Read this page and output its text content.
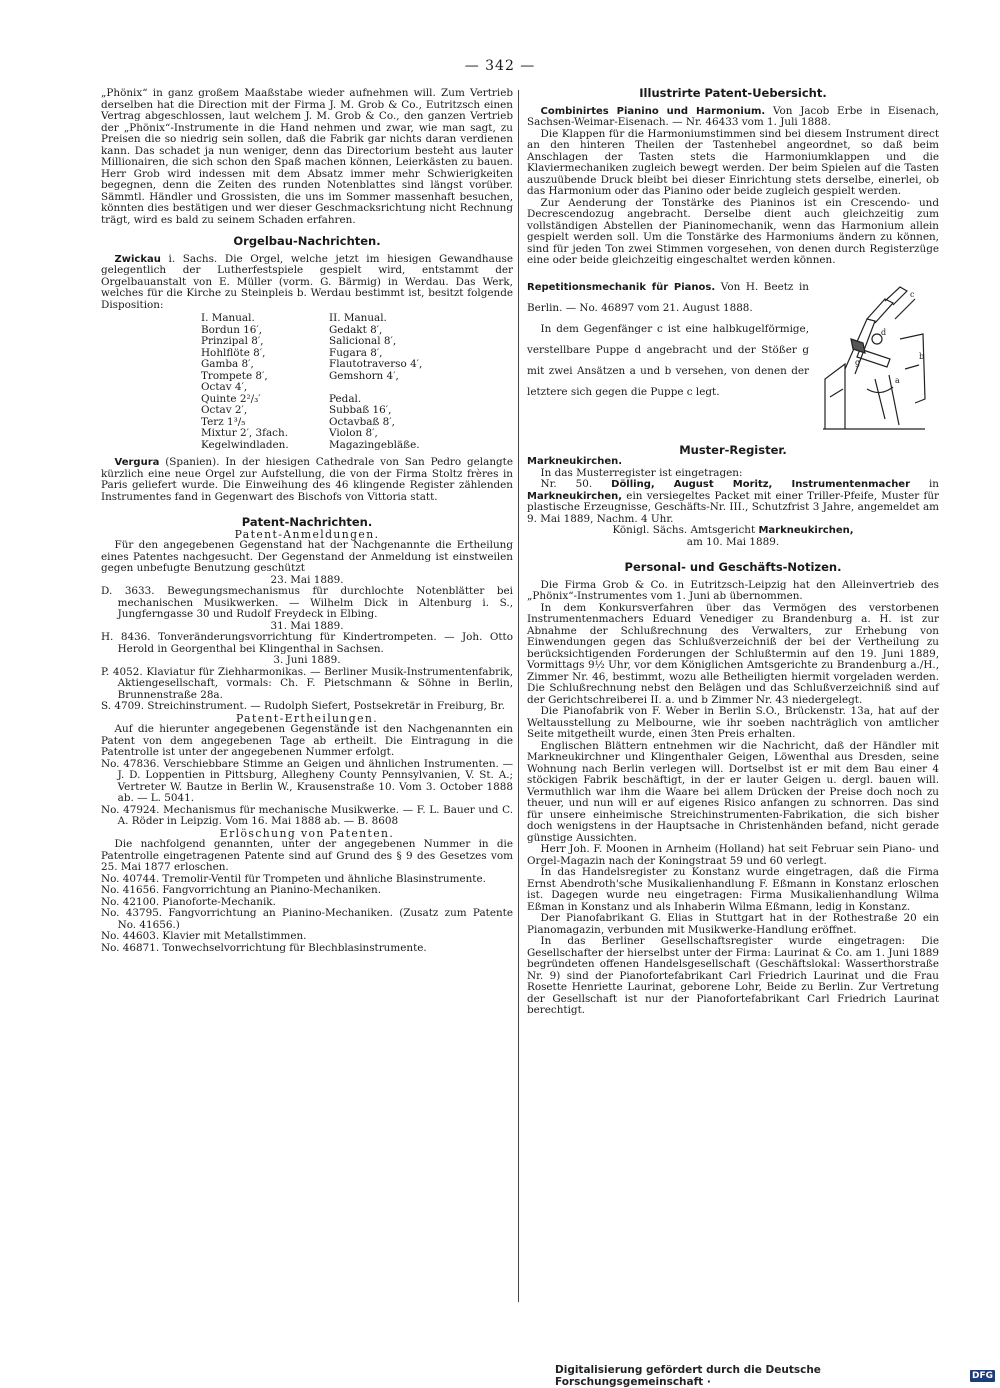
— 342 —

„Phönix“ in ganz großem Maaßstabe wieder aufnehmen will. Zum Vertrieb derselben hat die Direction mit der Firma J. M. Grob & Co., Eutritzsch einen Vertrag abgeschlossen, laut welchem J. M. Grob & Co., den ganzen Vertrieb der „Phönix“-Instrumente in die Hand nehmen und zwar, wie man sagt, zu Preisen die so niedrig sein sollen, daß die Fabrik gar nichts daran verdienen kann. Das schadet ja nun weniger, denn das Directorium besteht aus lauter Millionairen, die sich schon den Spaß machen können, Leierkästen zu bauen. Herr Grob wird indessen mit dem Absatz immer mehr Schwierigkeiten begegnen, denn die Zeiten des runden Notenblattes sind längst vorüber. Sämmtl. Händler und Grossisten, die uns im Sommer massenhaft besuchen, könnten dies bestätigen und wer dieser Geschmacksrichtung nicht Rechnung trägt, wird es bald zu seinem Schaden erfahren.

Orgelbau-Nachrichten.

Zwickau i. Sachs. Die Orgel, welche jetzt im hiesigen Gewandhause gelegentlich der Lutherfestspiele gespielt wird, entstammt der Orgelbauanstalt von E. Müller (vorm. G. Bärmig) in Werdau. Das Werk, welches für die Kirche zu Steinpleis b. Werdau bestimmt ist, besitzt folgende Disposition:

I. Manual.	II. Manual.
Bordun 16′,	Gedakt 8′,
Prinzipal 8′,	Salicional 8′,
Hohlflöte 8′,	Fugara 8′,
Gamba 8′,	Flautotraverso 4′,
Trompete 8′,	Gemshorn 4′,
Octav 4′,
Quinte 2²/₃′	Pedal.
Octav 2′,	Subbaß 16′,
Terz 1³/₅	Octavbaß 8′,
Mixtur 2′, 3fach.	Violon 8′,
Kegelwindladen.	Magazingebläße.

Vergura (Spanien). In der hiesigen Cathedrale von San Pedro gelangte kürzlich eine neue Orgel zur Aufstellung, die von der Firma Stoltz frères in Paris geliefert wurde. Die Einweihung des 46 klingende Register zählenden Instrumentes fand in Gegenwart des Bischofs von Vittoria statt.

Patent-Nachrichten.
Patent-Anmeldungen.

Für den angegebenen Gegenstand hat der Nachgenannte die Ertheilung eines Patentes nachgesucht. Der Gegenstand der Anmeldung ist einstweilen gegen unbefugte Benutzung geschützt

23. Mai 1889.
D. 3633. Bewegungsmechanismus für durchlochte Notenblätter bei mechanischen Musikwerken. — Wilhelm Dick in Altenburg i. S., Jungferngasse 30 und Rudolf Freydeck in Elbing.
31. Mai 1889.
H. 8436. Tonveränderungsvorrichtung für Kindertrompeten. — Joh. Otto Herold in Georgenthal bei Klingenthal in Sachsen.
3. Juni 1889.
P. 4052. Klaviatur für Ziehharmonikas. — Berliner Musik-Instrumentenfabrik, Aktiengesellschaft, vormals: Ch. F. Pietschmann & Söhne in Berlin, Brunnenstraße 28a.
S. 4709. Streichinstrument. — Rudolph Siefert, Postsekretär in Freiburg, Br.
Patent-Ertheilungen.

Auf die hierunter angegebenen Gegenstände ist den Nachgenannten ein Patent von dem angegebenen Tage ab ertheilt. Die Eintragung in die Patentrolle ist unter der angegebenen Nummer erfolgt.

No. 47836. Verschiebbare Stimme an Geigen und ähnlichen Instrumenten. — J. D. Loppentien in Pittsburg, Allegheny County Pennsylvanien, V. St. A.; Vertreter W. Bautze in Berlin W., Krausenstraße 10. Vom 3. October 1888 ab. — L. 5041.
No. 47924. Mechanismus für mechanische Musikwerke. — F. L. Bauer und C. A. Röder in Leipzig. Vom 16. Mai 1888 ab. — B. 8608
Erlöschung von Patenten.

Die nachfolgend genannten, unter der angegebenen Nummer in die Patentrolle eingetragenen Patente sind auf Grund des § 9 des Gesetzes vom 25. Mai 1877 erloschen.

No. 40744. Tremolir-Ventil für Trompeten und ähnliche Blasinstrumente.
No. 41656. Fangvorrichtung an Pianino-Mechaniken.
No. 42100. Pianoforte-Mechanik.
No. 43795. Fangvorrichtung an Pianino-Mechaniken. (Zusatz zum Patente No. 41656.)
No. 44603. Klavier mit Metallstimmen.
No. 46871. Tonwechselvorrichtung für Blechblasinstrumente.
Illustrirte Patent-Uebersicht.

Combinirtes Pianino und Harmonium. Von Jacob Erbe in Eisenach, Sachsen-Weimar-Eisenach. — Nr. 46433 vom 1. Juli 1888.

Die Klappen für die Harmoniumstimmen sind bei diesem Instrument direct an den hinteren Theilen der Tastenhebel angeordnet, so daß beim Anschlagen der Tasten stets die Harmoniumklappen und die Klaviermechaniken zugleich bewegt werden. Der beim Spielen auf die Tasten auszuübende Druck bleibt bei dieser Einrichtung stets derselbe, einerlei, ob das Harmonium oder das Pianino oder beide zugleich gespielt werden.

Zur Aenderung der Tonstärke des Pianinos ist ein Crescendo- und Decrescendozug angebracht. Derselbe dient auch gleichzeitig zum vollständigen Abstellen der Pianinomechanik, wenn das Harmonium allein gespielt werden soll. Um die Tonstärke des Harmoniums ändern zu können, sind für jeden Ton zwei Stimmen vorgesehen, von denen durch Registerzüge eine oder beide gleichzeitig eingeschaltet werden können.

Repetitionsmechanik für Pianos. Von H. Beetz in Berlin. — No. 46897 vom 21. August 1888.

In dem Gegenfänger c ist eine halbkugelförmige, verstellbare Puppe d angebracht und der Stößer g mit zwei Ansätzen a und b versehen, von denen der letztere sich gegen die Puppe c legt.

c
d
g
a
b
Muster-Register.
Markneukirchen.

In das Musterregister ist eingetragen:

Nr. 50. Dölling, August Moritz, Instrumentenmacher in Markneukirchen, ein versiegeltes Packet mit einer Triller-Pfeife, Muster für plastische Erzeugnisse, Geschäfts-Nr. III., Schutzfrist 3 Jahre, angemeldet am 9. Mai 1889, Nachm. 4 Uhr.

Königl. Sächs. Amtsgericht Markneukirchen,
am 10. Mai 1889.
Personal- und Geschäfts-Notizen.

Die Firma Grob & Co. in Eutritzsch-Leipzig hat den Alleinvertrieb des „Phönix“-Instrumentes vom 1. Juni ab übernommen.

In dem Konkursverfahren über das Vermögen des verstorbenen Instrumentenmachers Eduard Venediger zu Brandenburg a. H. ist zur Abnahme der Schlußrechnung des Verwalters, zur Erhebung von Einwendungen gegen das Schlußverzeichniß der bei der Vertheilung zu berücksichtigenden Forderungen der Schlußtermin auf den 19. Juni 1889, Vormittags 9½ Uhr, vor dem Königlichen Amtsgerichte zu Brandenburg a./H., Zimmer Nr. 46, bestimmt, wozu alle Betheiligten hiermit vorgeladen werden. Die Schlußrechnung nebst den Belägen und das Schlußverzeichniß sind auf der Gerichtschreiberei II. a. und b Zimmer Nr. 43 niedergelegt.

Die Pianofabrik von F. Weber in Berlin S.O., Brückenstr. 13a, hat auf der Weltausstellung zu Melbourne, wie ihr soeben nachträglich von amtlicher Seite mitgetheilt wurde, einen 3ten Preis erhalten.

Englischen Blättern entnehmen wir die Nachricht, daß der Händler mit Markneukirchner und Klingenthaler Geigen, Löwenthal aus Dresden, seine Wohnung nach Berlin verlegen will. Dortselbst ist er mit dem Bau einer 4 stöckigen Fabrik beschäftigt, in der er lauter Geigen u. dergl. bauen will. Vermuthlich war ihm die Waare bei allem Drücken der Preise doch noch zu theuer, und nun will er auf eigenes Risico anfangen zu schnorren. Das sind für unsere einheimische Streichinstrumenten-Fabrikation, die sich bisher doch wenigstens in der Hauptsache in Christenhänden befand, nicht gerade günstige Aussichten.

Herr Joh. F. Moonen in Arnheim (Holland) hat seit Februar sein Piano- und Orgel-Magazin nach der Koningstraat 59 und 60 verlegt.

In das Handelsregister zu Konstanz wurde eingetragen, daß die Firma Ernst Abendroth'sche Musikalienhandlung F. Eßmann in Konstanz erloschen ist. Dagegen wurde neu eingetragen: Firma Musikalienhandlung Wilma Eßman in Konstanz und als Inhaberin Wilma Eßmann, ledig in Konstanz.

Der Pianofabrikant G. Elias in Stuttgart hat in der Rothestraße 20 ein Pianomagazin, verbunden mit Musikwerke-Handlung eröffnet.

In das Berliner Gesellschaftsregister wurde eingetragen: Die Gesellschafter der hierselbst unter der Firma: Laurinat & Co. am 1. Juni 1889 begründeten offenen Handelsgesellschaft (Geschäftslokal: Wasserthorstraße Nr. 9) sind der Pianofortefabrikant Carl Friedrich Laurinat und die Frau Rosette Henriette Laurinat, geborene Lohr, Beide zu Berlin. Zur Vertretung der Gesellschaft ist nur der Pianofortefabrikant Carl Friedrich Laurinat berechtigt.

Digitalisierung gefördert durch die Deutsche Forschungsgemeinschaft ·	DFG
